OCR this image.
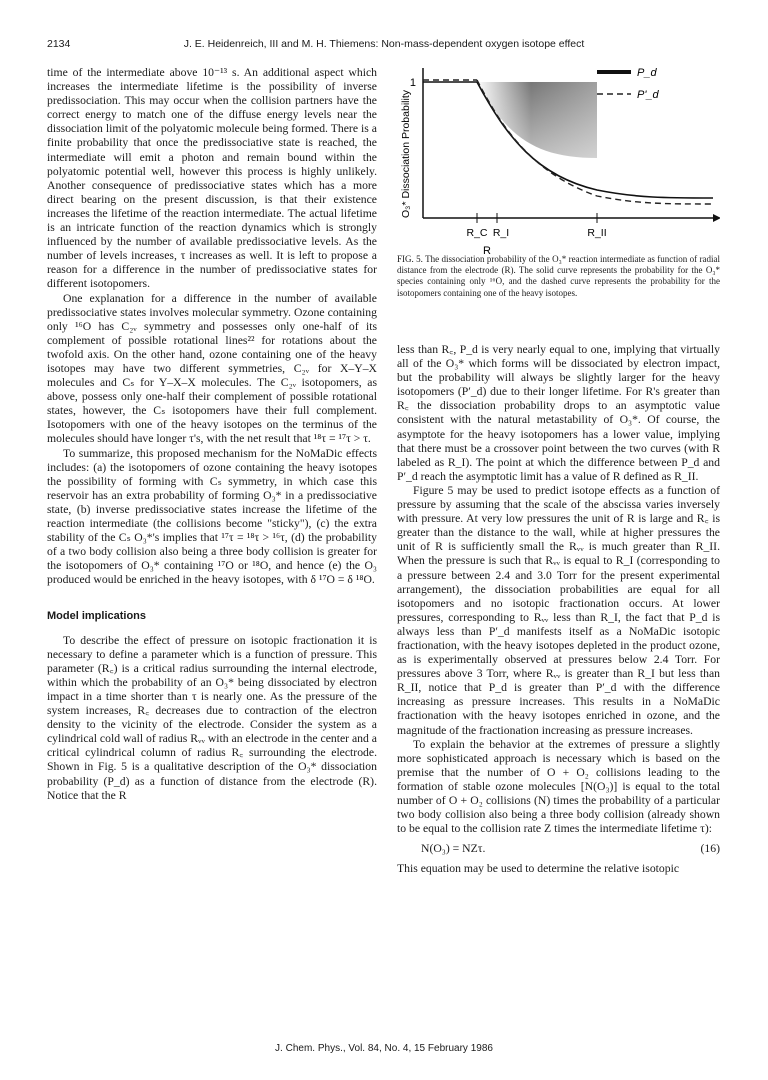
2134	J. E. Heidenreich, III and M. H. Thiemens: Non-mass-dependent oxygen isotope effect

time of the intermediate above 10⁻¹³ s. An additional aspect which increases the intermediate lifetime is the possibility of inverse predissociation. This may occur when the collision partners have the correct energy to match one of the diffuse energy levels near the dissociation limit of the polyatomic molecule being formed. There is a finite probability that once the predissociative state is reached, the intermediate will emit a photon and remain bound within the polyatomic potential well, however this process is highly unlikely. Another consequence of predissociative states which has a more direct bearing on the present discussion, is that their existence increases the lifetime of the reaction intermediate. The actual lifetime is an intricate function of the reaction dynamics which is strongly influenced by the number of available predissociative levels. As the number of levels increases, τ increases as well. It is left to propose a reason for a difference in the number of predissociative states for different isotopomers.

One explanation for a difference in the number of available predissociative states involves molecular symmetry. Ozone containing only ¹⁶O has C₂ᵥ symmetry and possesses only one-half of its complement of possible rotational lines²² for rotations about the twofold axis. On the other hand, ozone containing one of the heavy isotopes may have two different symmetries, C₂ᵥ for X–Y–X molecules and Cₛ for Y–X–X molecules. The C₂ᵥ isotopomers, as above, possess only one-half their complement of possible rotational states, however, the Cₛ isotopomers have their full complement. Isotopomers with one of the heavy isotopes on the terminus of the molecules should have longer τ's, with the net result that ¹⁸τ = ¹⁷τ > τ.

To summarize, this proposed mechanism for the NoMaDic effects includes: (a) the isotopomers of ozone containing the heavy isotopes the possibility of forming with Cₛ symmetry, in which case this reservoir has an extra probability of forming O₃* in a predissociative state, (b) inverse predissociative states increase the lifetime of the reaction intermediate (the collisions become "sticky"), (c) the extra stability of the Cₛ O₃*'s implies that ¹⁷τ = ¹⁸τ > ¹⁶τ, (d) the probability of a two body collision also being a three body collision is greater for the isotopomers of O₃* containing ¹⁷O or ¹⁸O, and hence (e) the O₃ produced would be enriched in the heavy isotopes, with δ ¹⁷O = δ ¹⁸O.

Model implications

To describe the effect of pressure on isotopic fractionation it is necessary to define a parameter which is a function of pressure. This parameter (R꜀) is a critical radius surrounding the internal electrode, within which the probability of an O₃* being dissociated by electron impact in a time shorter than τ is nearly one. As the pressure of the system increases, R꜀ decreases due to contraction of the electron density to the vicinity of the electrode. Consider the system as a cylindrical cold wall of radius Rᵥᵥ with an electrode in the center and a critical cylindrical column of radius R꜀ surrounding the electrode. Shown in Fig. 5 is a qualitative description of the O₃* dissociation probability (P_d) as a function of distance from the electrode (R). Notice that the R

1
O₃* Dissociation Probability
P_d
P'_d
R_C R_I	R_II
R
FIG. 5. The dissociation probability of the O₃* reaction intermediate as function of radial distance from the electrode (R). The solid curve represents the probability for the O₃* species containing only ¹⁶O, and the dashed curve represents the probability for the isotopomers containing one of the heavy isotopes.

less than R꜀, P_d is very nearly equal to one, implying that virtually all of the O₃* which forms will be dissociated by electron impact, but the probability will always be slightly larger for the heavy isotopomers (P′_d) due to their longer lifetime. For R's greater than R꜀ the dissociation probability drops to an asymptotic value consistent with the natural metastability of O₃*. Of course, the asymptote for the heavy isotopomers has a lower value, implying that there must be a crossover point between the two curves (with R labeled as R_I). The point at which the difference between P_d and P′_d reach the asymptotic limit has a value of R defined as R_II.

Figure 5 may be used to predict isotope effects as a function of pressure by assuming that the scale of the abscissa varies inversely with pressure. At very low pressures the unit of R is large and R꜀ is greater than the distance to the wall, while at higher pressures the unit of R is sufficiently small the Rᵥᵥ is much greater than R_II. When the pressure is such that Rᵥᵥ is equal to R_I (corresponding to a pressure between 2.4 and 3.0 Torr for the present experimental arrangement), the dissociation probabilities are equal for all isotopomers and no isotopic fractionation occurs. At lower pressures, corresponding to Rᵥᵥ less than R_I, the fact that P_d is always less than P′_d manifests itself as a NoMaDic isotopic fractionation, with the heavy isotopes depleted in the product ozone, as is experimentally observed at pressures below 2.4 Torr. For pressures above 3 Torr, where Rᵥᵥ is greater than R_I but less than R_II, notice that P_d is greater than P′_d with the difference increasing as pressure increases. This results in a NoMaDic fractionation with the heavy isotopes enriched in ozone, and the magnitude of the fractionation increasing as pressure increases.

To explain the behavior at the extremes of pressure a slightly more sophisticated approach is necessary which is based on the premise that the number of O + O₂ collisions leading to the formation of stable ozone molecules [N(O₃)] is equal to the total number of O + O₂ collisions (N) times the probability of a particular two body collision also being a three body collision (already shown to be equal to the collision rate Z times the intermediate lifetime τ):

N(O₃) = NZτ.	(16)

This equation may be used to determine the relative isotopic

J. Chem. Phys., Vol. 84, No. 4, 15 February 1986
